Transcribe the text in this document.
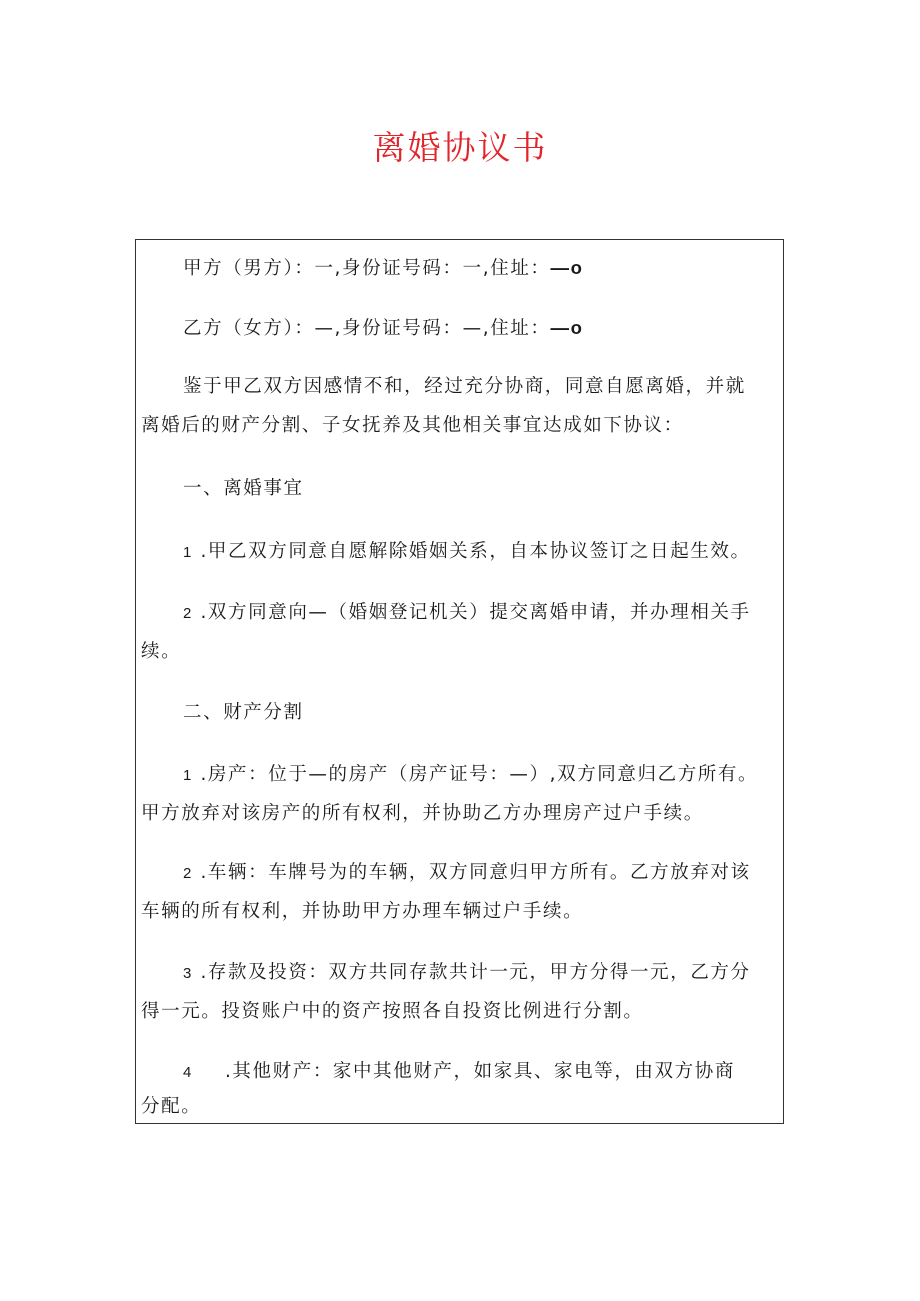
离婚协议书
甲方（男方）：一,身份证号码：一,住址：—o
乙方（女方）：—,身份证号码：—,住址：—o
鉴于甲乙双方因感情不和，经过充分协商，同意自愿离婚，并就
离婚后的财产分割、子女抚养及其他相关事宜达成如下协议：
一、离婚事宜
1 .甲乙双方同意自愿解除婚姻关系，自本协议签订之日起生效。
2 .双方同意向—（婚姻登记机关）提交离婚申请，并办理相关手
续。
二、财产分割
1 .房产：位于—的房产（房产证号：—）,双方同意归乙方所有。
甲方放弃对该房产的所有权利，并协助乙方办理房产过户手续。
2 .车辆：车牌号为的车辆，双方同意归甲方所有。乙方放弃对该
车辆的所有权利，并协助甲方办理车辆过户手续。
3 .存款及投资：双方共同存款共计一元，甲方分得一元，乙方分
得一元。投资账户中的资产按照各自投资比例进行分割。
4 .其他财产：家中其他财产，如家具、家电等，由双方协商
分配。
